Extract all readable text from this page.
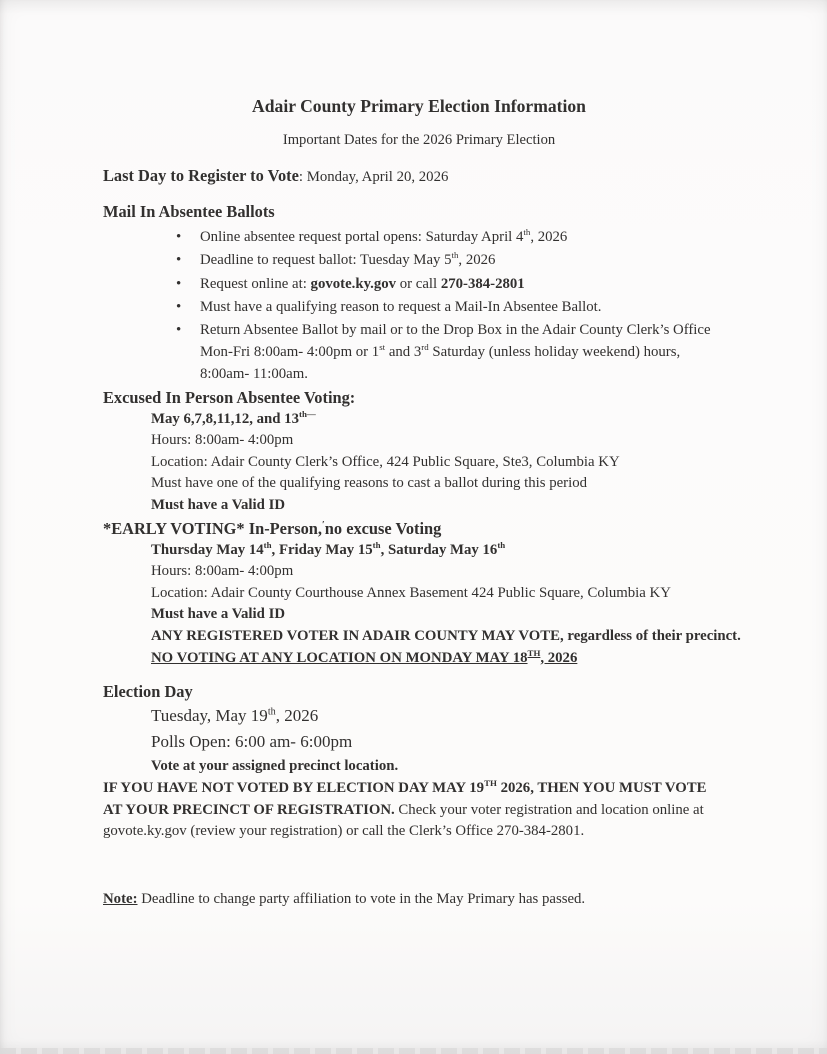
Adair County Primary Election Information

Important Dates for the 2026 Primary Election

Last Day to Register to Vote: Monday, April 20, 2026

Mail In Absentee Ballots

• Online absentee request portal opens: Saturday April 4th, 2026
• Deadline to request ballot: Tuesday May 5th, 2026
• Request online at: govote.ky.gov or call 270-384-2801
• Must have a qualifying reason to request a Mail-In Absentee Ballot.
• Return Absentee Ballot by mail or to the Drop Box in the Adair County Clerk’s Office Mon-Fri 8:00am- 4:00pm or 1st and 3rd Saturday (unless holiday weekend) hours, 8:00am- 11:00am.

Excused In Person Absentee Voting:

May 6,7,8,11,12, and $13^{th—}$

Hours: 8:00am- 4:00pm

Location: Adair County Clerk’s Office, 424 Public Square, Ste3, Columbia KY

Must have one of the qualifying reasons to cast a ballot during this period

Must have a Valid ID

*EARLY VOTING* In-Person,′no excuse Voting

Thursday May 14th, Friday May 15th, Saturday May 16th

Hours: 8:00am- 4:00pm

Location: Adair County Courthouse Annex Basement 424 Public Square, Columbia KY

Must have a Valid ID

ANY REGISTERED VOTER IN ADAIR COUNTY MAY VOTE, regardless of their precinct.

NO VOTING AT ANY LOCATION ON MONDAY MAY 18TH, 2026

Election Day

Tuesday, May 19th, 2026

Polls Open: 6:00 am- 6:00pm

Vote at your assigned precinct location.

IF YOU HAVE NOT VOTED BY ELECTION DAY MAY 19TH 2026, THEN YOU MUST VOTE AT YOUR PRECINCT OF REGISTRATION. Check your voter registration and location online at govote.ky.gov (review your registration) or call the Clerk’s Office 270-384-2801.

Note: Deadline to change party affiliation to vote in the May Primary has passed.
